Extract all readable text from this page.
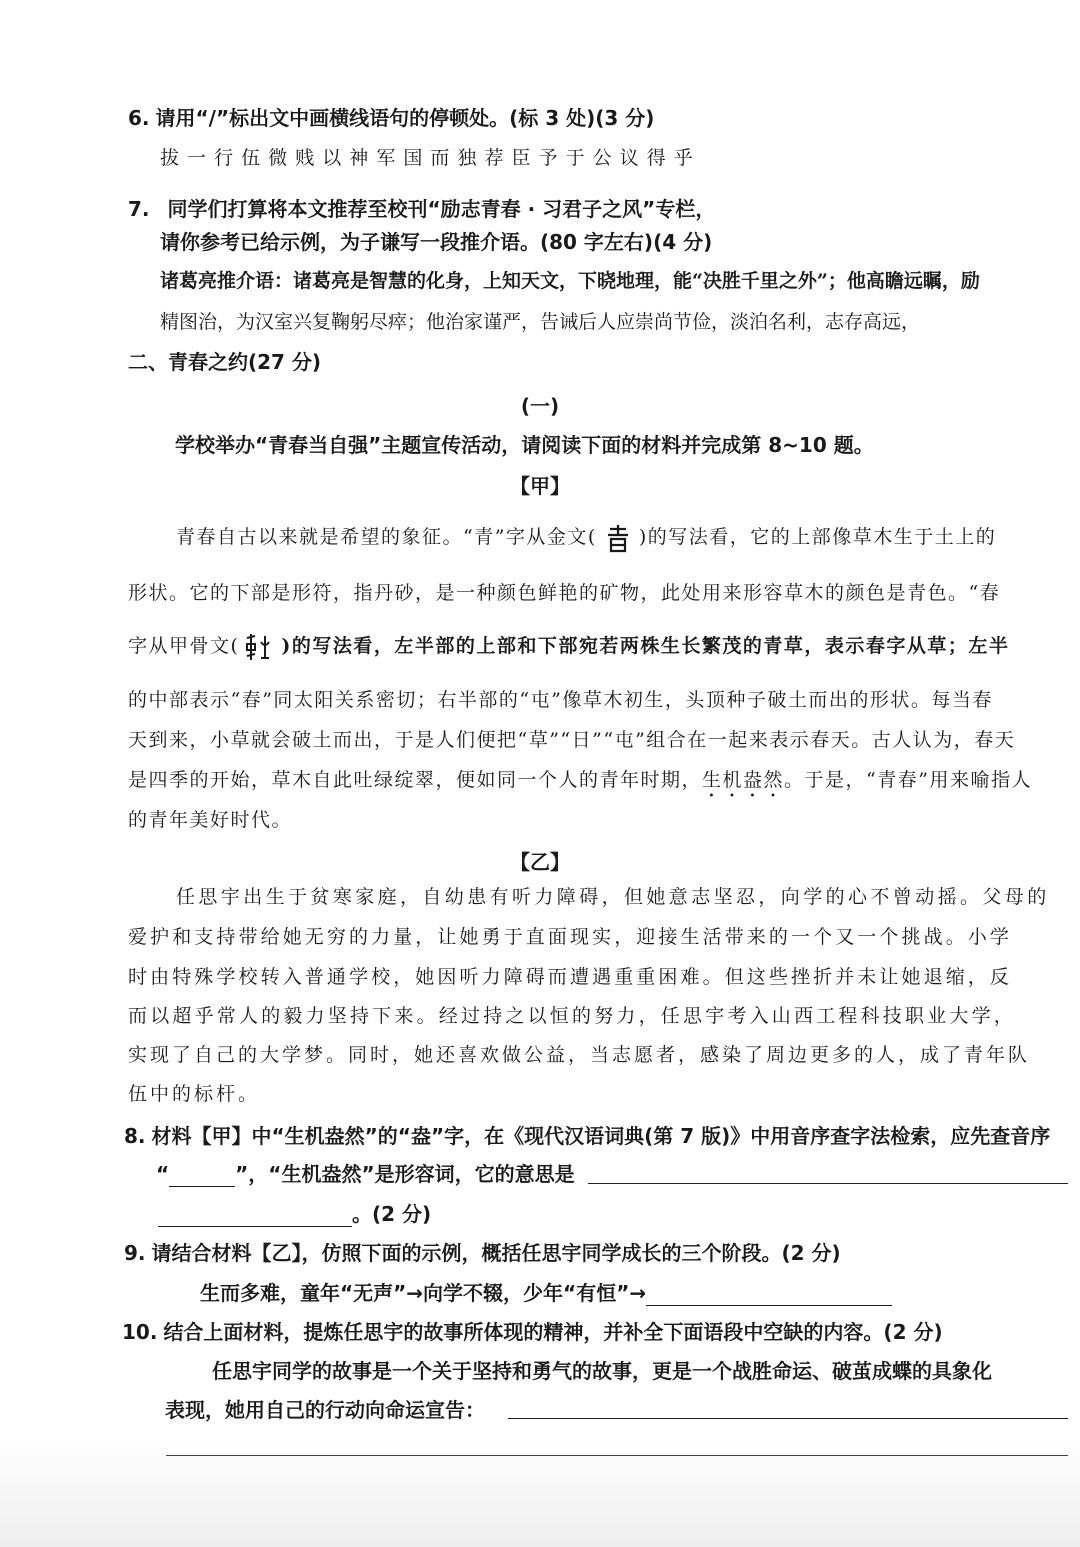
6. 请用“/”标出文中画横线语句的停顿处。(标 3 处)(3 分)
拔 一 行 伍 微 贱 以 神 军 国 而 独 荐 臣 予 于 公 议 得 乎
7. 同学们打算将本文推荐至校刊“励志青春 · 习君子之风”专栏，
请你参考已给示例，为子谦写一段推介语。(80 字左右)(4 分)
诸葛亮推介语：诸葛亮是智慧的化身，上知天文，下晓地理，能“决胜千里之外”；他高瞻远瞩，励
精图治，为汉室兴复鞠躬尽瘁；他治家谨严，告诫后人应崇尚节俭，淡泊名利，志存高远，
二、青春之约(27 分)
(一)
学校举办“青春当自强”主题宣传活动，请阅读下面的材料并完成第 8~10 题。
【甲】
青春自古以来就是希望的象征。“青”字从金文( )的写法看，它的上部像草木生于土上的
形状。它的下部是形符，指丹砂，是一种颜色鲜艳的矿物，此处用来形容草木的颜色是青色。“春
字从甲骨文( )的写法看，左半部的上部和下部宛若两株生长繁茂的青草，表示春字从草；左半
的中部表示“春”同太阳关系密切；右半部的“屯”像草木初生，头顶种子破土而出的形状。每当春
天到来，小草就会破土而出，于是人们便把“草”“日”“屯”组合在一起来表示春天。古人认为，春天
是四季的开始，草木自此吐绿绽翠，便如同一个人的青年时期，生机盎然。于是，“青春”用来喻指人
的青年美好时代。
【乙】
任思宇出生于贫寒家庭，自幼患有听力障碍，但她意志坚忍，向学的心不曾动摇。父母的
爱护和支持带给她无穷的力量，让她勇于直面现实，迎接生活带来的一个又一个挑战。小学
时由特殊学校转入普通学校，她因听力障碍而遭遇重重困难。但这些挫折并未让她退缩，反
而以超乎常人的毅力坚持下来。经过持之以恒的努力，任思宇考入山西工程科技职业大学，
实现了自己的大学梦。同时，她还喜欢做公益，当志愿者，感染了周边更多的人，成了青年队
伍中的标杆。
8. 材料【甲】中“生机盎然”的“盎”字，在《现代汉语词典(第 7 版)》中用音序查字法检索，应先查音序
“	”，“生机盎然”是形容词，它的意思是
。(2 分)
9. 请结合材料【乙】，仿照下面的示例，概括任思宇同学成长的三个阶段。(2 分)
生而多难，童年“无声”→向学不辍，少年“有恒”→
10. 结合上面材料，提炼任思宇的故事所体现的精神，并补全下面语段中空缺的内容。(2 分)
任思宇同学的故事是一个关于坚持和勇气的故事，更是一个战胜命运、破茧成蝶的具象化
表现，她用自己的行动向命运宣告：
